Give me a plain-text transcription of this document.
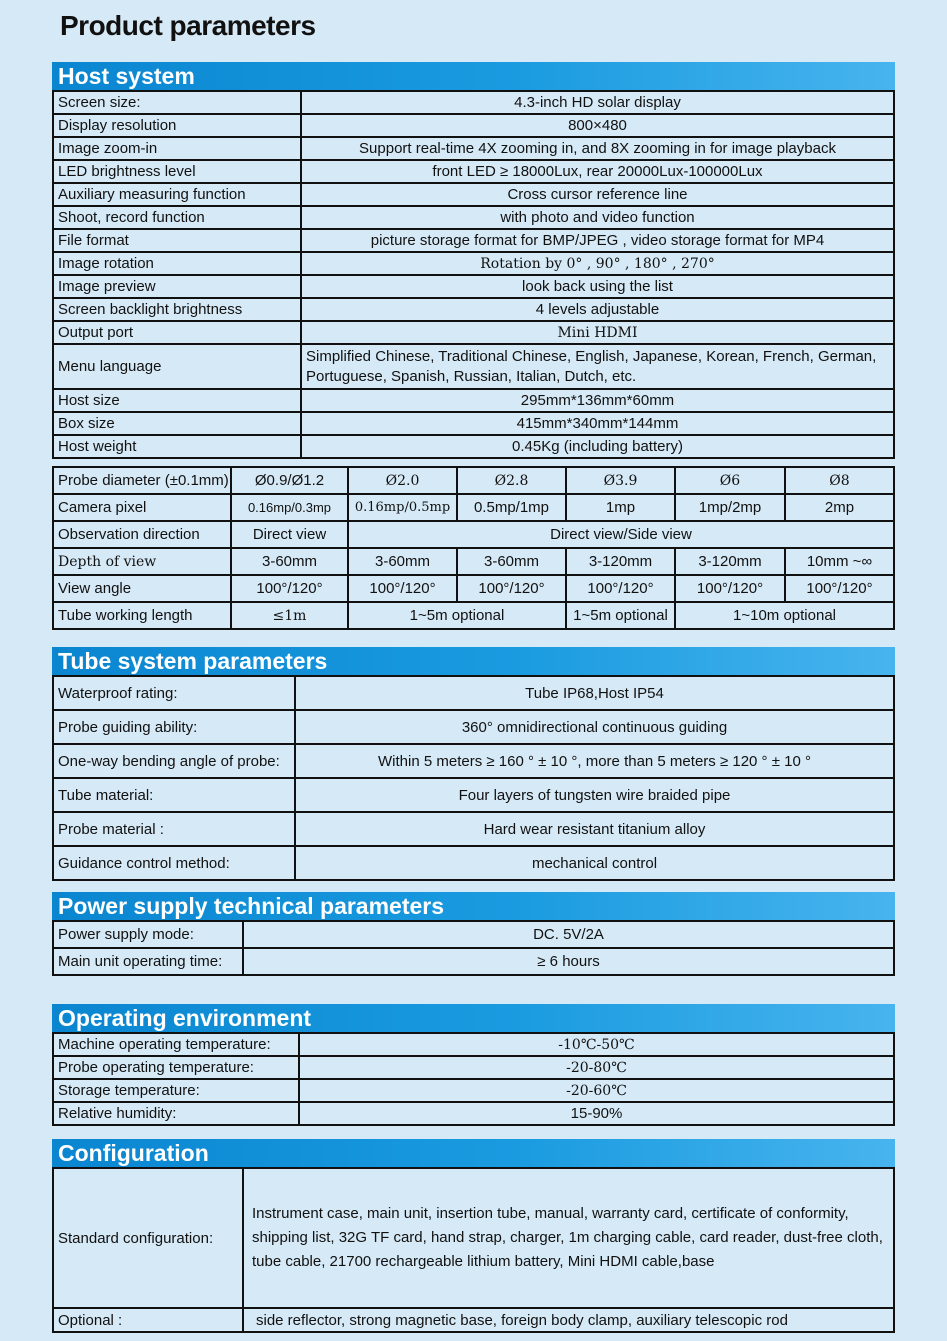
Product parameters
Host system
Screen size:	4.3-inch HD solar display
Display resolution	800×480
Image zoom-in	Support real-time 4X zooming in, and 8X zooming in for image playback
LED brightness level	front LED ≥ 18000Lux, rear 20000Lux-100000Lux
Auxiliary measuring function	Cross cursor reference line
Shoot, record function	with photo and video function
File format	picture storage format for BMP/JPEG , video storage format for MP4
Image rotation	Rotation by 0° , 90° , 180° , 270°
Image preview	look back using the list
Screen backlight brightness	4 levels adjustable
Output port	Mini HDMI
Menu language	Simplified Chinese, Traditional Chinese, English, Japanese, Korean, French, German, Portuguese, Spanish, Russian, Italian, Dutch, etc.
Host size	295mm*136mm*60mm
Box size	415mm*340mm*144mm
Host weight	0.45Kg (including battery)
Probe diameter (±0.1mm)	Ø0.9/Ø1.2	Ø2.0	Ø2.8	Ø3.9	Ø6	Ø8
Camera pixel	0.16mp/0.3mp	0.16mp/0.5mp	0.5mp/1mp	1mp	1mp/2mp	2mp
Observation direction	Direct view	Direct view/Side view				
Depth of view	3-60mm	3-60mm	3-60mm	3-120mm	3-120mm	10mm ~∞
View angle	100°/120°	100°/120°	100°/120°	100°/120°	100°/120°	100°/120°
Tube working length	≤1m	1~5m optional		1~5m optional	1~10m optional	
Tube system parameters
Waterproof rating:	Tube IP68,Host IP54
Probe guiding ability:	360° omnidirectional continuous guiding
One-way bending angle of probe:	Within 5 meters ≥ 160 ° ± 10 °, more than 5 meters ≥ 120 ° ± 10 °
Tube material:	Four layers of tungsten wire braided pipe
Probe material :	Hard wear resistant titanium alloy
Guidance control method:	mechanical control
Power supply technical parameters
Power supply mode:	DC. 5V/2A
Main unit operating time:	≥ 6 hours
Operating environment
Machine operating temperature:	-10℃-50℃
Probe operating temperature:	-20-80℃
Storage temperature:	-20-60℃
Relative humidity:	15-90%
Configuration
Standard configuration:	Instrument case, main unit, insertion tube, manual, warranty card, certificate of conformity, shipping list, 32G TF card, hand strap, charger, 1m charging cable, card reader, dust-free cloth, tube cable, 21700 rechargeable lithium battery, Mini HDMI cable,base
Optional :	side reflector, strong magnetic base, foreign body clamp, auxiliary telescopic rod
